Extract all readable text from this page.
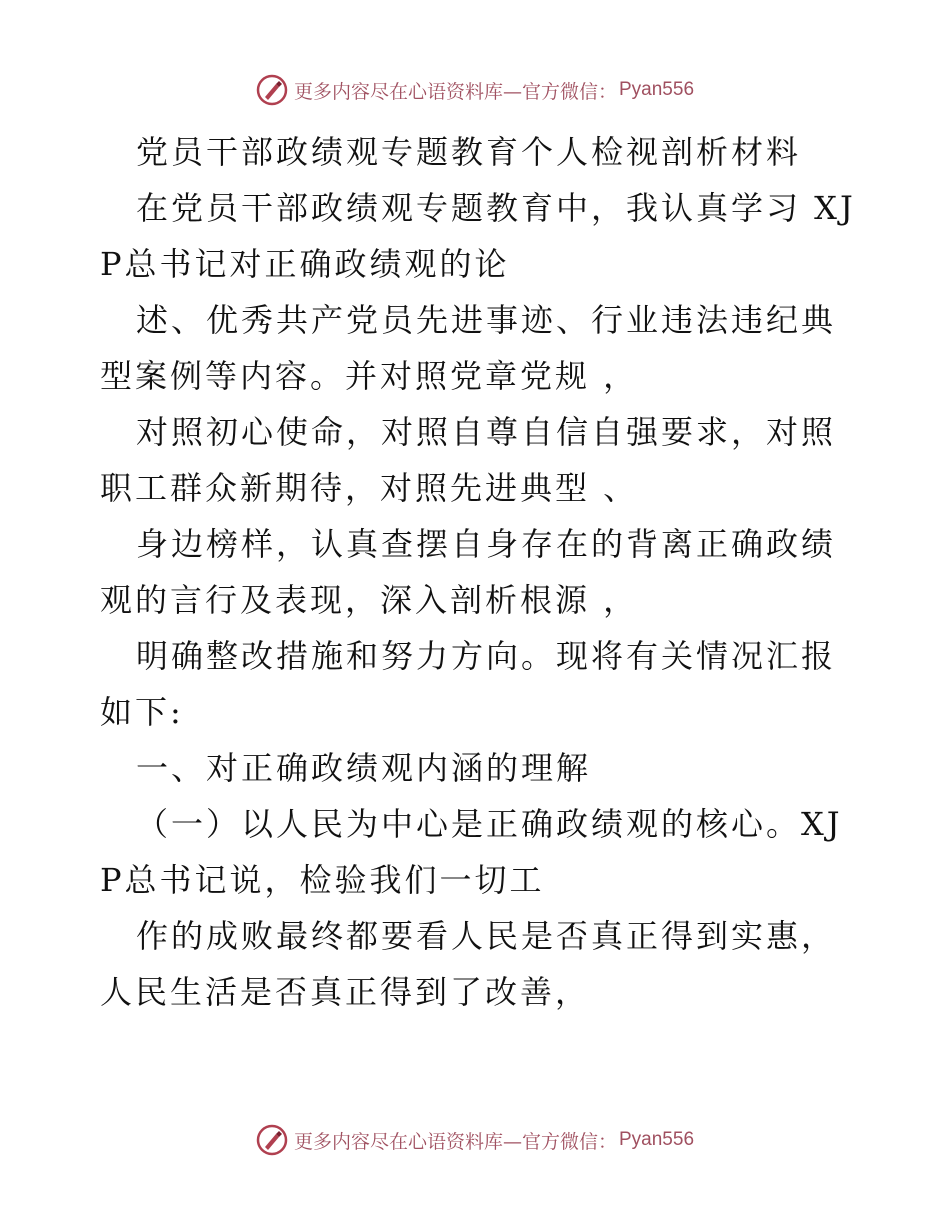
更多内容尽在心语资料库—官方微信： Pyan556

党员干部政绩观专题教育个人检视剖析材料

在党员干部政绩观专题教育中，我认真学习 XJP总书记对正确政绩观的论

述、优秀共产党员先进事迹、行业违法违纪典型案例等内容。并对照党章党规 ，

对照初心使命，对照自尊自信自强要求，对照职工群众新期待，对照先进典型 、

身边榜样，认真查摆自身存在的背离正确政绩观的言行及表现，深入剖析根源 ，

明确整改措施和努力方向。现将有关情况汇报如下:

一、对正确政绩观内涵的理解

（一）以人民为中心是正确政绩观的核心。XJP总书记说，检验我们一切工

作的成败最终都要看人民是否真正得到实惠，人民生活是否真正得到了改善，

更多内容尽在心语资料库—官方微信： Pyan556
